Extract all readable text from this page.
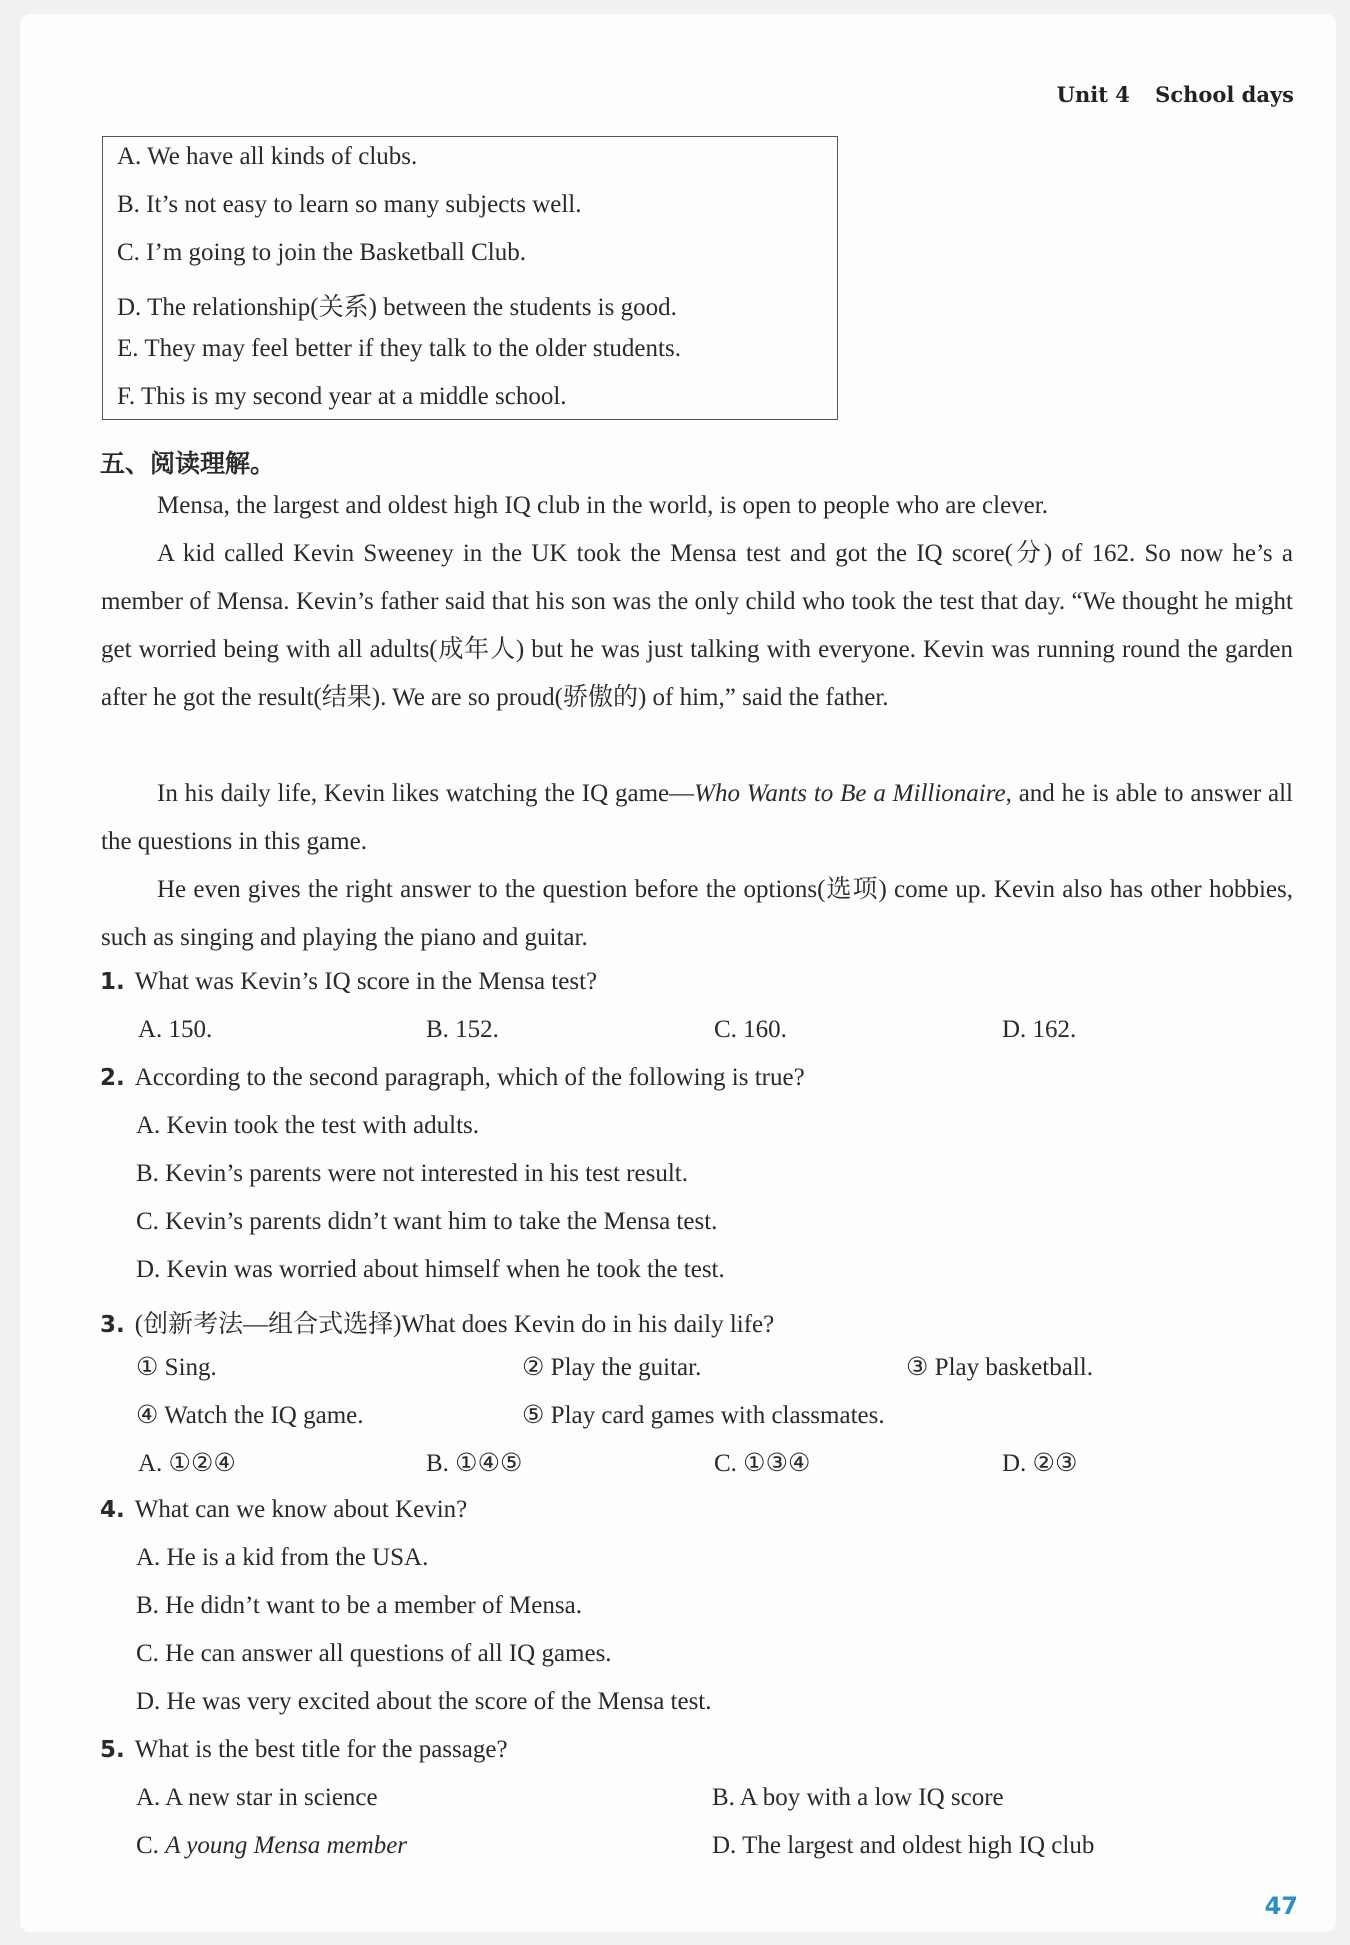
Unit 4 School days
A. We have all kinds of clubs.
B. It’s not easy to learn so many subjects well.
C. I’m going to join the Basketball Club.
D. The relationship(关系) between the students is good.
E. They may feel better if they talk to the older students.
F. This is my second year at a middle school.
五、阅读理解。
Mensa, the largest and oldest high IQ club in the world, is open to people who are clever.
A kid called Kevin Sweeney in the UK took the Mensa test and got the IQ score(分) of 162. So now he’s a member of Mensa. Kevin’s father said that his son was the only child who took the test that day. “We thought he might get worried being with all adults(成年人) but he was just talking with everyone. Kevin was running round the garden after he got the result(结果). We are so proud(骄傲的) of him,” said the father.
In his daily life, Kevin likes watching the IQ game—Who Wants to Be a Millionaire, and he is able to answer all the questions in this game.
He even gives the right answer to the question before the options(选项) come up. Kevin also has other hobbies, such as singing and playing the piano and guitar.
1. What was Kevin’s IQ score in the Mensa test?
A. 150.	B. 152.	C. 160.	D. 162.
2. According to the second paragraph, which of the following is true?
A. Kevin took the test with adults.
B. Kevin’s parents were not interested in his test result.
C. Kevin’s parents didn’t want him to take the Mensa test.
D. Kevin was worried about himself when he took the test.
3. (创新考法—组合式选择)What does Kevin do in his daily life?
① Sing.	② Play the guitar.	③ Play basketball.
④ Watch the IQ game.	⑤ Play card games with classmates.
A. ①②④	B. ①④⑤	C. ①③④	D. ②③
4. What can we know about Kevin?
A. He is a kid from the USA.
B. He didn’t want to be a member of Mensa.
C. He can answer all questions of all IQ games.
D. He was very excited about the score of the Mensa test.
5. What is the best title for the passage?
A. A new star in science	B. A boy with a low IQ score
C. A young Mensa member	D. The largest and oldest high IQ club
47
